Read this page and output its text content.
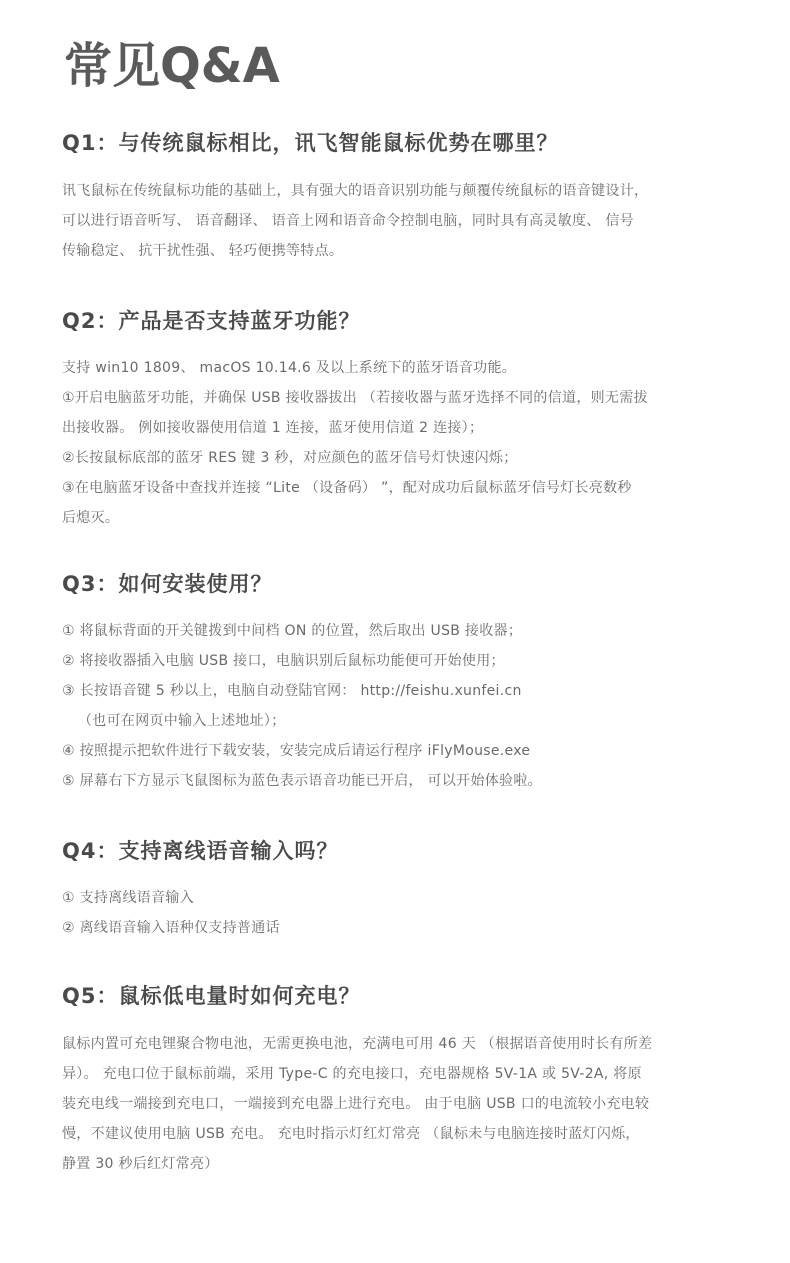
常见Q&A
Q1：与传统鼠标相比，讯飞智能鼠标优势在哪里？
讯飞鼠标在传统鼠标功能的基础上，具有强大的语音识别功能与颠覆传统鼠标的语音键设计，
可以进行语音听写、 语音翻译、 语音上网和语音命令控制电脑，同时具有高灵敏度、 信号
传输稳定、 抗干扰性强、 轻巧便携等特点。
Q2：产品是否支持蓝牙功能？
支持 win10 1809、 macOS 10.14.6 及以上系统下的蓝牙语音功能。
①开启电脑蓝牙功能，并确保 USB 接收器拔出 （若接收器与蓝牙选择不同的信道，则无需拔
出接收器。 例如接收器使用信道 1 连接，蓝牙使用信道 2 连接）；
②长按鼠标底部的蓝牙 RES 键 3 秒，对应颜色的蓝牙信号灯快速闪烁；
③在电脑蓝牙设备中查找并连接 “Lite （设备码） ”，配对成功后鼠标蓝牙信号灯长亮数秒
后熄灭。
Q3：如何安装使用？
① 将鼠标背面的开关键拨到中间档 ON 的位置，然后取出 USB 接收器；
② 将接收器插入电脑 USB 接口，电脑识别后鼠标功能便可开始使用；
③ 长按语音键 5 秒以上，电脑自动登陆官网： http://feishu.xunfei.cn
（也可在网页中输入上述地址）；
④ 按照提示把软件进行下载安装，安装完成后请运行程序 iFlyMouse.exe
⑤ 屏幕右下方显示飞鼠图标为蓝色表示语音功能已开启， 可以开始体验啦。
Q4：支持离线语音输入吗？
① 支持离线语音输入
② 离线语音输入语种仅支持普通话
Q5：鼠标低电量时如何充电？
鼠标内置可充电锂聚合物电池，无需更换电池，充满电可用 46 天 （根据语音使用时长有所差
异）。 充电口位于鼠标前端，采用 Type-C 的充电接口，充电器规格 5V-1A 或 5V-2A, 将原
装充电线一端接到充电口，一端接到充电器上进行充电。 由于电脑 USB 口的电流较小充电较
慢，不建议使用电脑 USB 充电。 充电时指示灯红灯常亮 （鼠标未与电脑连接时蓝灯闪烁，
静置 30 秒后红灯常亮）
